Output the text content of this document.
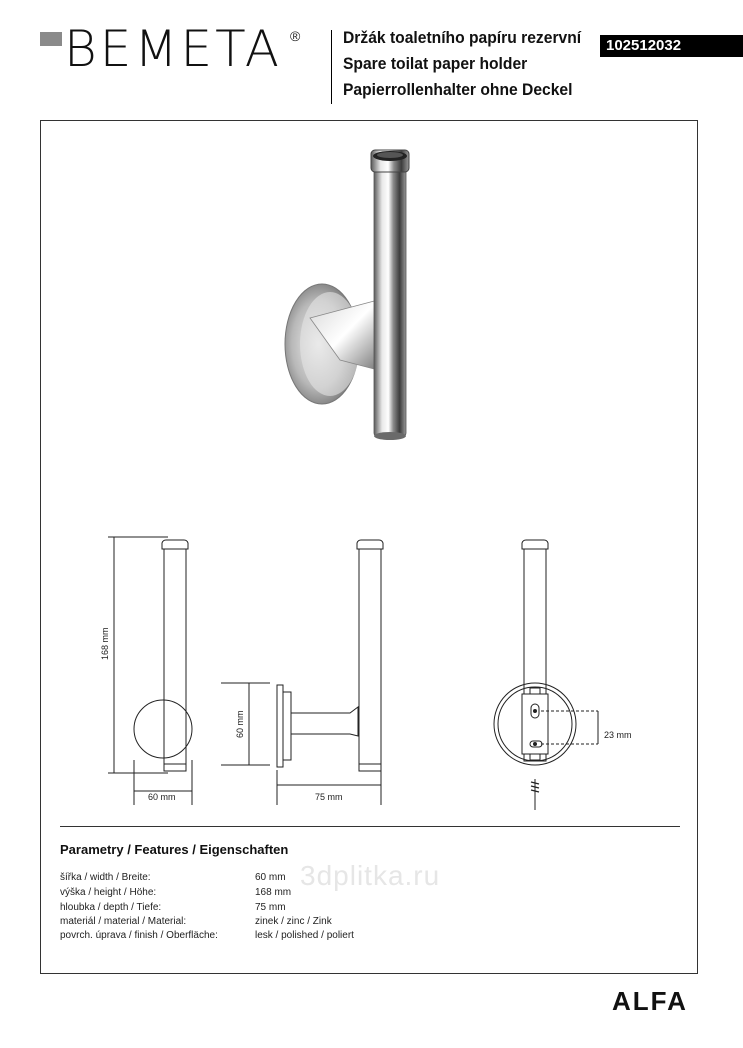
BEMETA ®	Držák toaletního papíru rezervní
Spare toilat paper holder
Papierrollenhalter ohne Deckel
102512032
168 mm
60 mm
60 mm	75 mm
23 mm
Parametry / Features / Eigenschaften
šířka / width / Breite:	60 mm
výška / height / Höhe:	168 mm
hloubka / depth / Tiefe:	75 mm
materiál / material / Material:	zinek / zinc / Zink
povrch. úprava / finish / Oberfläche:	lesk / polished / poliert
3dplitka.ru
ALFA
